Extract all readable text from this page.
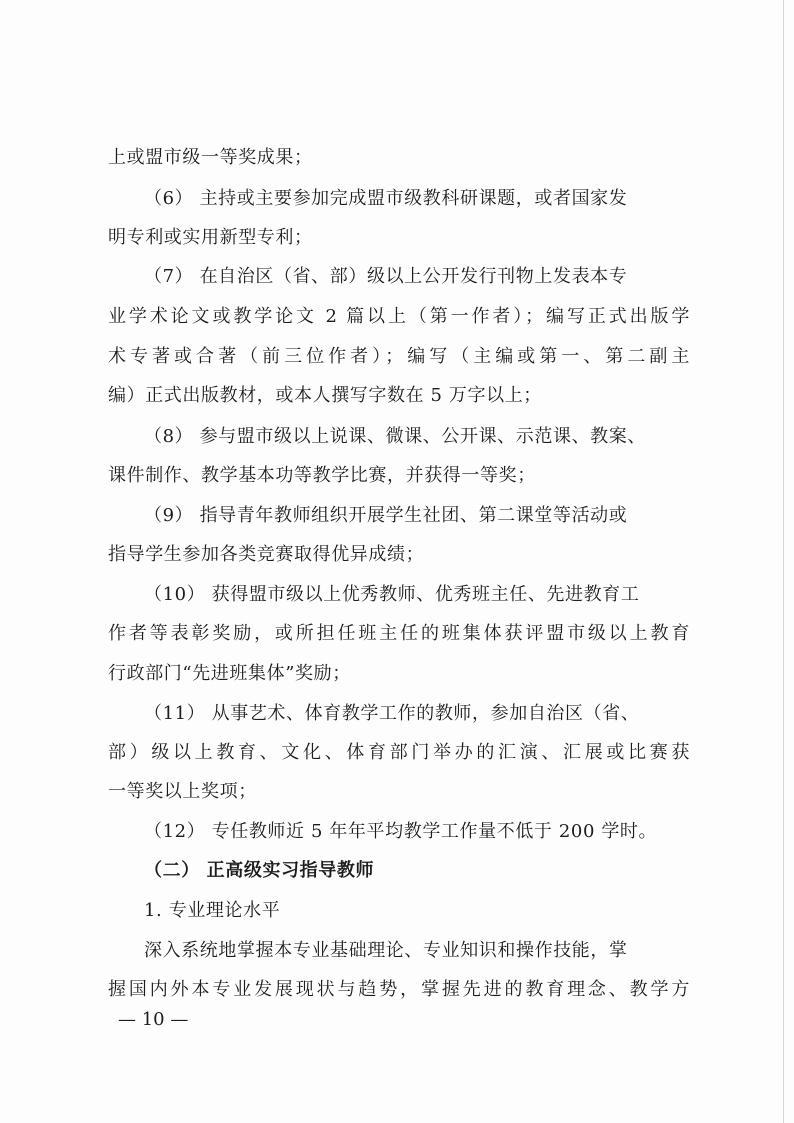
上或盟市级一等奖成果；
（6） 主持或主要参加完成盟市级教科研课题，或者国家发
明专利或实用新型专利；
（7） 在自治区（省、部）级以上公开发行刊物上发表本专
业学术论文或教学论文 2 篇以上（第一作者）；编写正式出版学
术专著或合著（前三位作者）；编写（主编或第一、第二副主
编）正式出版教材，或本人撰写字数在 5 万字以上；
（8） 参与盟市级以上说课、微课、公开课、示范课、教案、
课件制作、教学基本功等教学比赛，并获得一等奖；
（9） 指导青年教师组织开展学生社团、第二课堂等活动或
指导学生参加各类竞赛取得优异成绩；
（10） 获得盟市级以上优秀教师、优秀班主任、先进教育工
作者等表彰奖励，或所担任班主任的班集体获评盟市级以上教育
行政部门“先进班集体”奖励；
（11） 从事艺术、体育教学工作的教师，参加自治区（省、
部）级以上教育、文化、体育部门举办的汇演、汇展或比赛获
一等奖以上奖项；
（12） 专任教师近 5 年年平均教学工作量不低于 200 学时。
（二） 正高级实习指导教师
1. 专业理论水平
深入系统地掌握本专业基础理论、专业知识和操作技能，掌
握国内外本专业发展现状与趋势，掌握先进的教育理念、教学方
— 10 —
